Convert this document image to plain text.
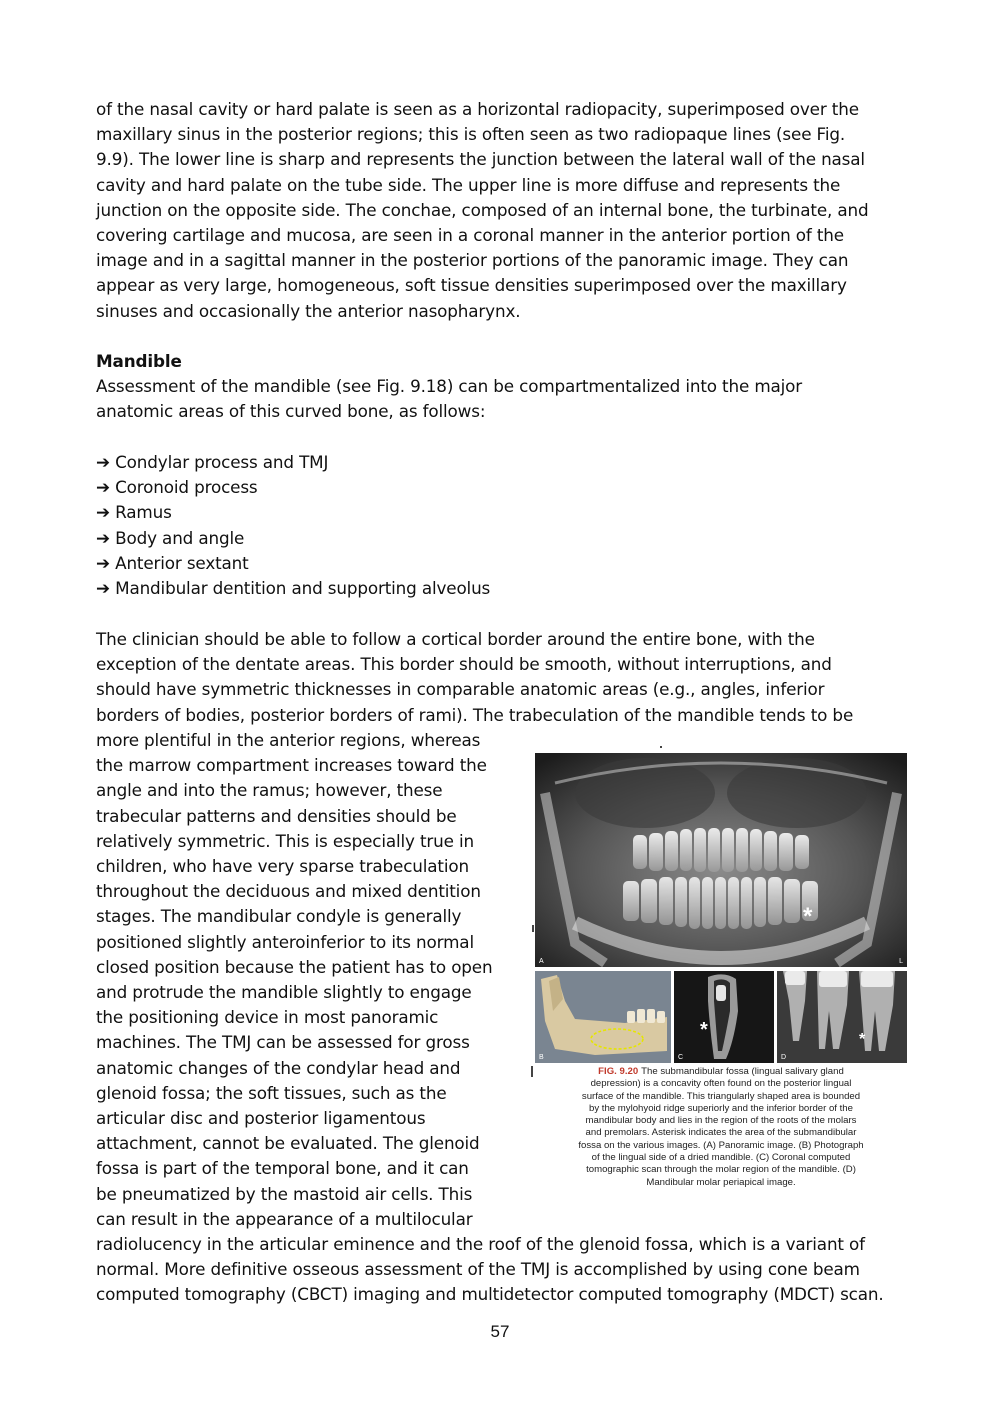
of the nasal cavity or hard palate is seen as a horizontal radiopacity, superimposed over the
maxillary sinus in the posterior regions; this is often seen as two radiopaque lines (see Fig.
9.9). The lower line is sharp and represents the junction between the lateral wall of the nasal
cavity and hard palate on the tube side. The upper line is more diffuse and represents the
junction on the opposite side. The conchae, composed of an internal bone, the turbinate, and
covering cartilage and mucosa, are seen in a coronal manner in the anterior portion of the
image and in a sagittal manner in the posterior portions of the panoramic image. They can
appear as very large, homogeneous, soft tissue densities superimposed over the maxillary
sinuses and occasionally the anterior nasopharynx.
Mandible
Assessment of the mandible (see Fig. 9.18) can be compartmentalized into the major
anatomic areas of this curved bone, as follows:
➔ Condylar process and TMJ
➔ Coronoid process
➔ Ramus
➔ Body and angle
➔ Anterior sextant
➔ Mandibular dentition and supporting alveolus
The clinician should be able to follow a cortical border around the entire bone, with the
exception of the dentate areas. This border should be smooth, without interruptions, and
should have symmetric thicknesses in comparable anatomic areas (e.g., angles, inferior
borders of bodies, posterior borders of rami). The trabeculation of the mandible tends to be
more plentiful in the anterior regions, whereas
the marrow compartment increases toward the
angle and into the ramus; however, these
trabecular patterns and densities should be
relatively symmetric. This is especially true in
children, who have very sparse trabeculation
throughout the deciduous and mixed dentition
stages. The mandibular condyle is generally
positioned slightly anteroinferior to its normal
closed position because the patient has to open
and protrude the mandible slightly to engage
the positioning device in most panoramic
machines. The TMJ can be assessed for gross
anatomic changes of the condylar head and
glenoid fossa; the soft tissues, such as the
articular disc and posterior ligamentous
attachment, cannot be evaluated. The glenoid
fossa is part of the temporal bone, and it can
be pneumatized by the mastoid air cells. This
can result in the appearance of a multilocular
radiolucency in the articular eminence and the roof of the glenoid fossa, which is a variant of
normal. More definitive osseous assessment of the TMJ is accomplished by using cone beam
computed tomography (CBCT) imaging and multidetector computed tomography (MDCT) scan.
A	L
*
B	C
*
D
*
FIG. 9.20 The submandibular fossa (lingual salivary gland
depression) is a concavity often found on the posterior lingual
surface of the mandible. This triangularly shaped area is bounded
by the mylohyoid ridge superiorly and the inferior border of the
mandibular body and lies in the region of the roots of the molars
and premolars. Asterisk indicates the area of the submandibular
fossa on the various images. (A) Panoramic image. (B) Photograph
of the lingual side of a dried mandible. (C) Coronal computed
tomographic scan through the molar region of the mandible. (D)
Mandibular molar periapical image.
57
